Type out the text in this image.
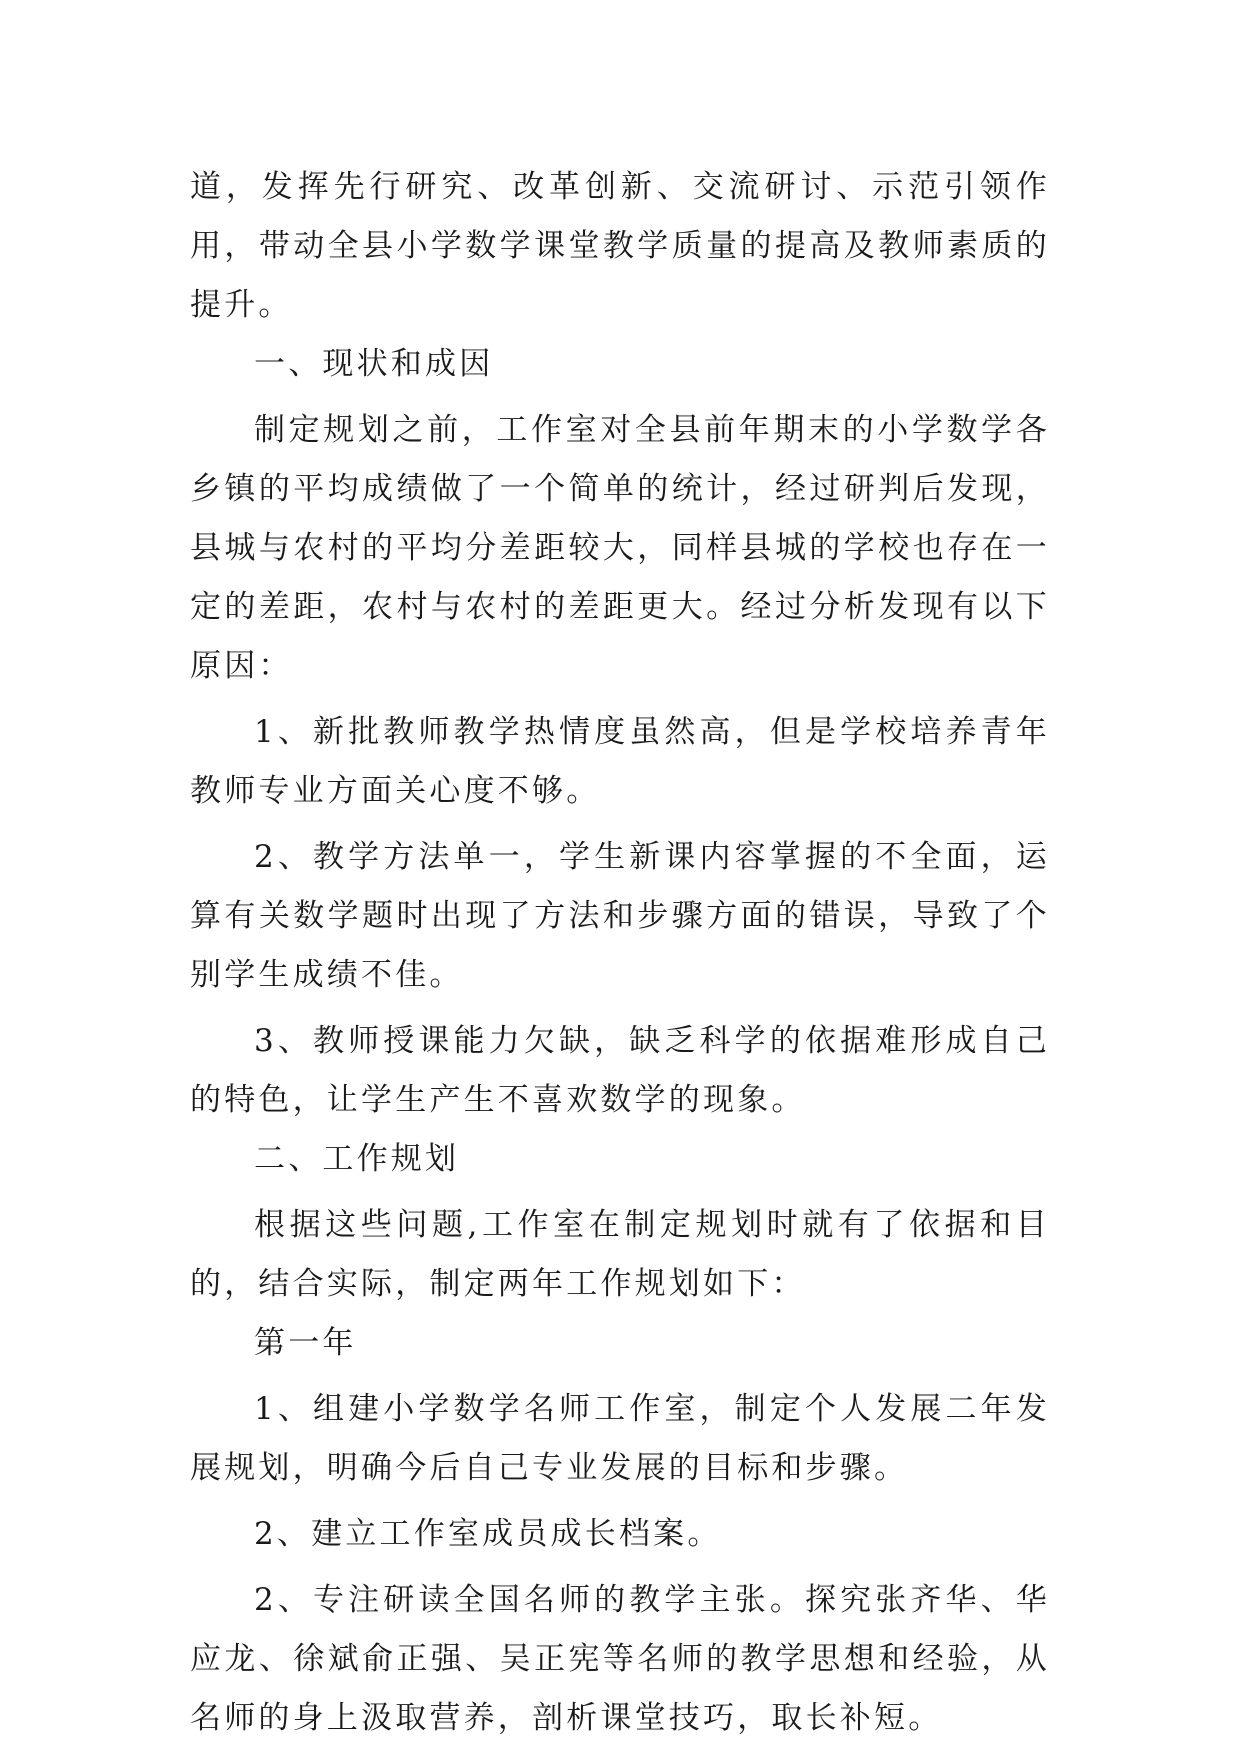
道，发挥先行研究、改革创新、交流研讨、示范引领作用，带动全县小学数学课堂教学质量的提高及教师素质的提升。

一、现状和成因

制定规划之前，工作室对全县前年期末的小学数学各乡镇的平均成绩做了一个简单的统计，经过研判后发现，县城与农村的平均分差距较大，同样县城的学校也存在一定的差距，农村与农村的差距更大。经过分析发现有以下原因：

1、新批教师教学热情度虽然高，但是学校培养青年教师专业方面关心度不够。

2、教学方法单一，学生新课内容掌握的不全面，运算有关数学题时出现了方法和步骤方面的错误，导致了个别学生成绩不佳。

3、教师授课能力欠缺，缺乏科学的依据难形成自己的特色，让学生产生不喜欢数学的现象。

二、工作规划

根据这些问题,工作室在制定规划时就有了依据和目的，结合实际，制定两年工作规划如下：

第一年

1、组建小学数学名师工作室，制定个人发展二年发展规划，明确今后自己专业发展的目标和步骤。

2、建立工作室成员成长档案。

2、专注研读全国名师的教学主张。探究张齐华、华应龙、徐斌俞正强、吴正宪等名师的教学思想和经验，从名师的身上汲取营养，剖析课堂技巧，取长补短。
